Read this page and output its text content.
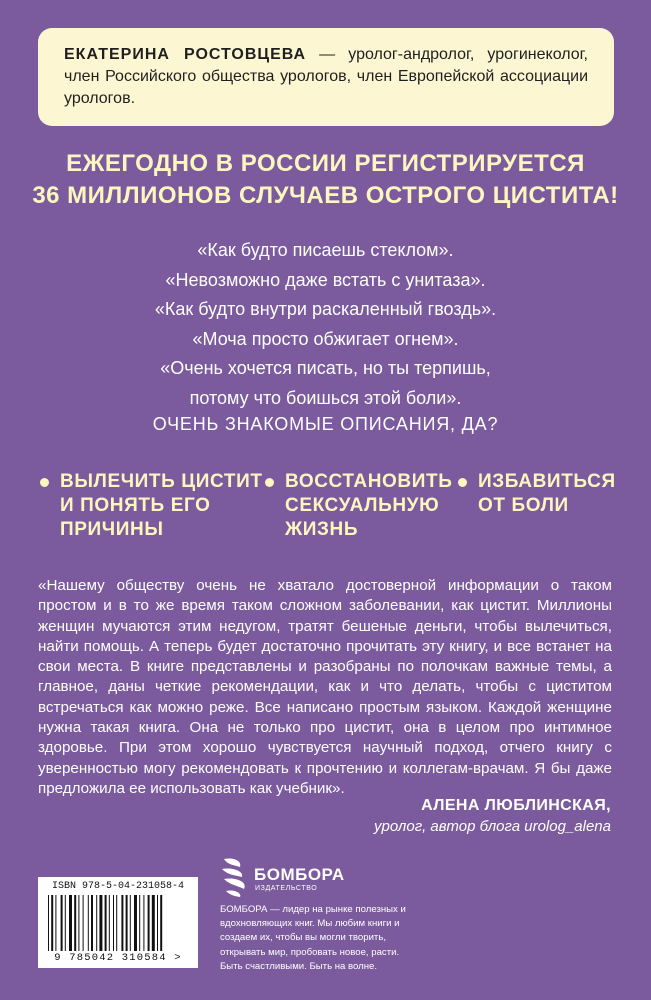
ЕКАТЕРИНА РОСТОВЦЕВА — уролог-андролог, урогинеколог, член Российского общества урологов, член Европейской ассоциации урологов.
ЕЖЕГОДНО В РОССИИ РЕГИСТРИРУЕТСЯ
36 МИЛЛИОНОВ СЛУЧАЕВ ОСТРОГО ЦИСТИТА!
«Как будто писаешь стеклом».
«Невозможно даже встать с унитаза».
«Как будто внутри раскаленный гвоздь».
«Моча просто обжигает огнем».
«Очень хочется писать, но ты терпишь,
потому что боишься этой боли».
ОЧЕНЬ ЗНАКОМЫЕ ОПИСАНИЯ, ДА?
ВЫЛЕЧИТЬ ЦИСТИТ
И ПОНЯТЬ ЕГО
ПРИЧИНЫ
ВОССТАНОВИТЬ
СЕКСУАЛЬНУЮ
ЖИЗНЬ
ИЗБАВИТЬСЯ
ОТ БОЛИ
«Нашему обществу очень не хватало достоверной информации о таком простом и в то же время таком сложном заболевании, как цистит. Миллионы женщин мучаются этим недугом, тратят бешеные деньги, чтобы вылечиться, найти помощь. А теперь будет достаточно прочитать эту книгу, и все встанет на свои места. В книге представлены и разобраны по полочкам важные темы, а главное, даны четкие рекомендации, как и что делать, чтобы с циститом встречаться как можно реже. Все написано простым языком. Каждой женщине нужна такая книга. Она не только про цистит, она в целом про интимное здоровье. При этом хорошо чувствуется научный подход, отчего книгу с уверенностью могу рекомендовать к прочтению и коллегам-врачам. Я бы даже предложила ее использовать как учебник».
АЛЕНА ЛЮБЛИНСКАЯ,
уролог, автор блога urolog_alena
ISBN 978-5-04-231058-4
9 785042 310584 >
БОМБОРА
ИЗДАТЕЛЬСТВО
БОМБОРА — лидер на рынке полезных и вдохновляющих книг. Мы любим книги и создаем их, чтобы вы могли творить, открывать мир, пробовать новое, расти. Быть счастливыми. Быть на волне.
